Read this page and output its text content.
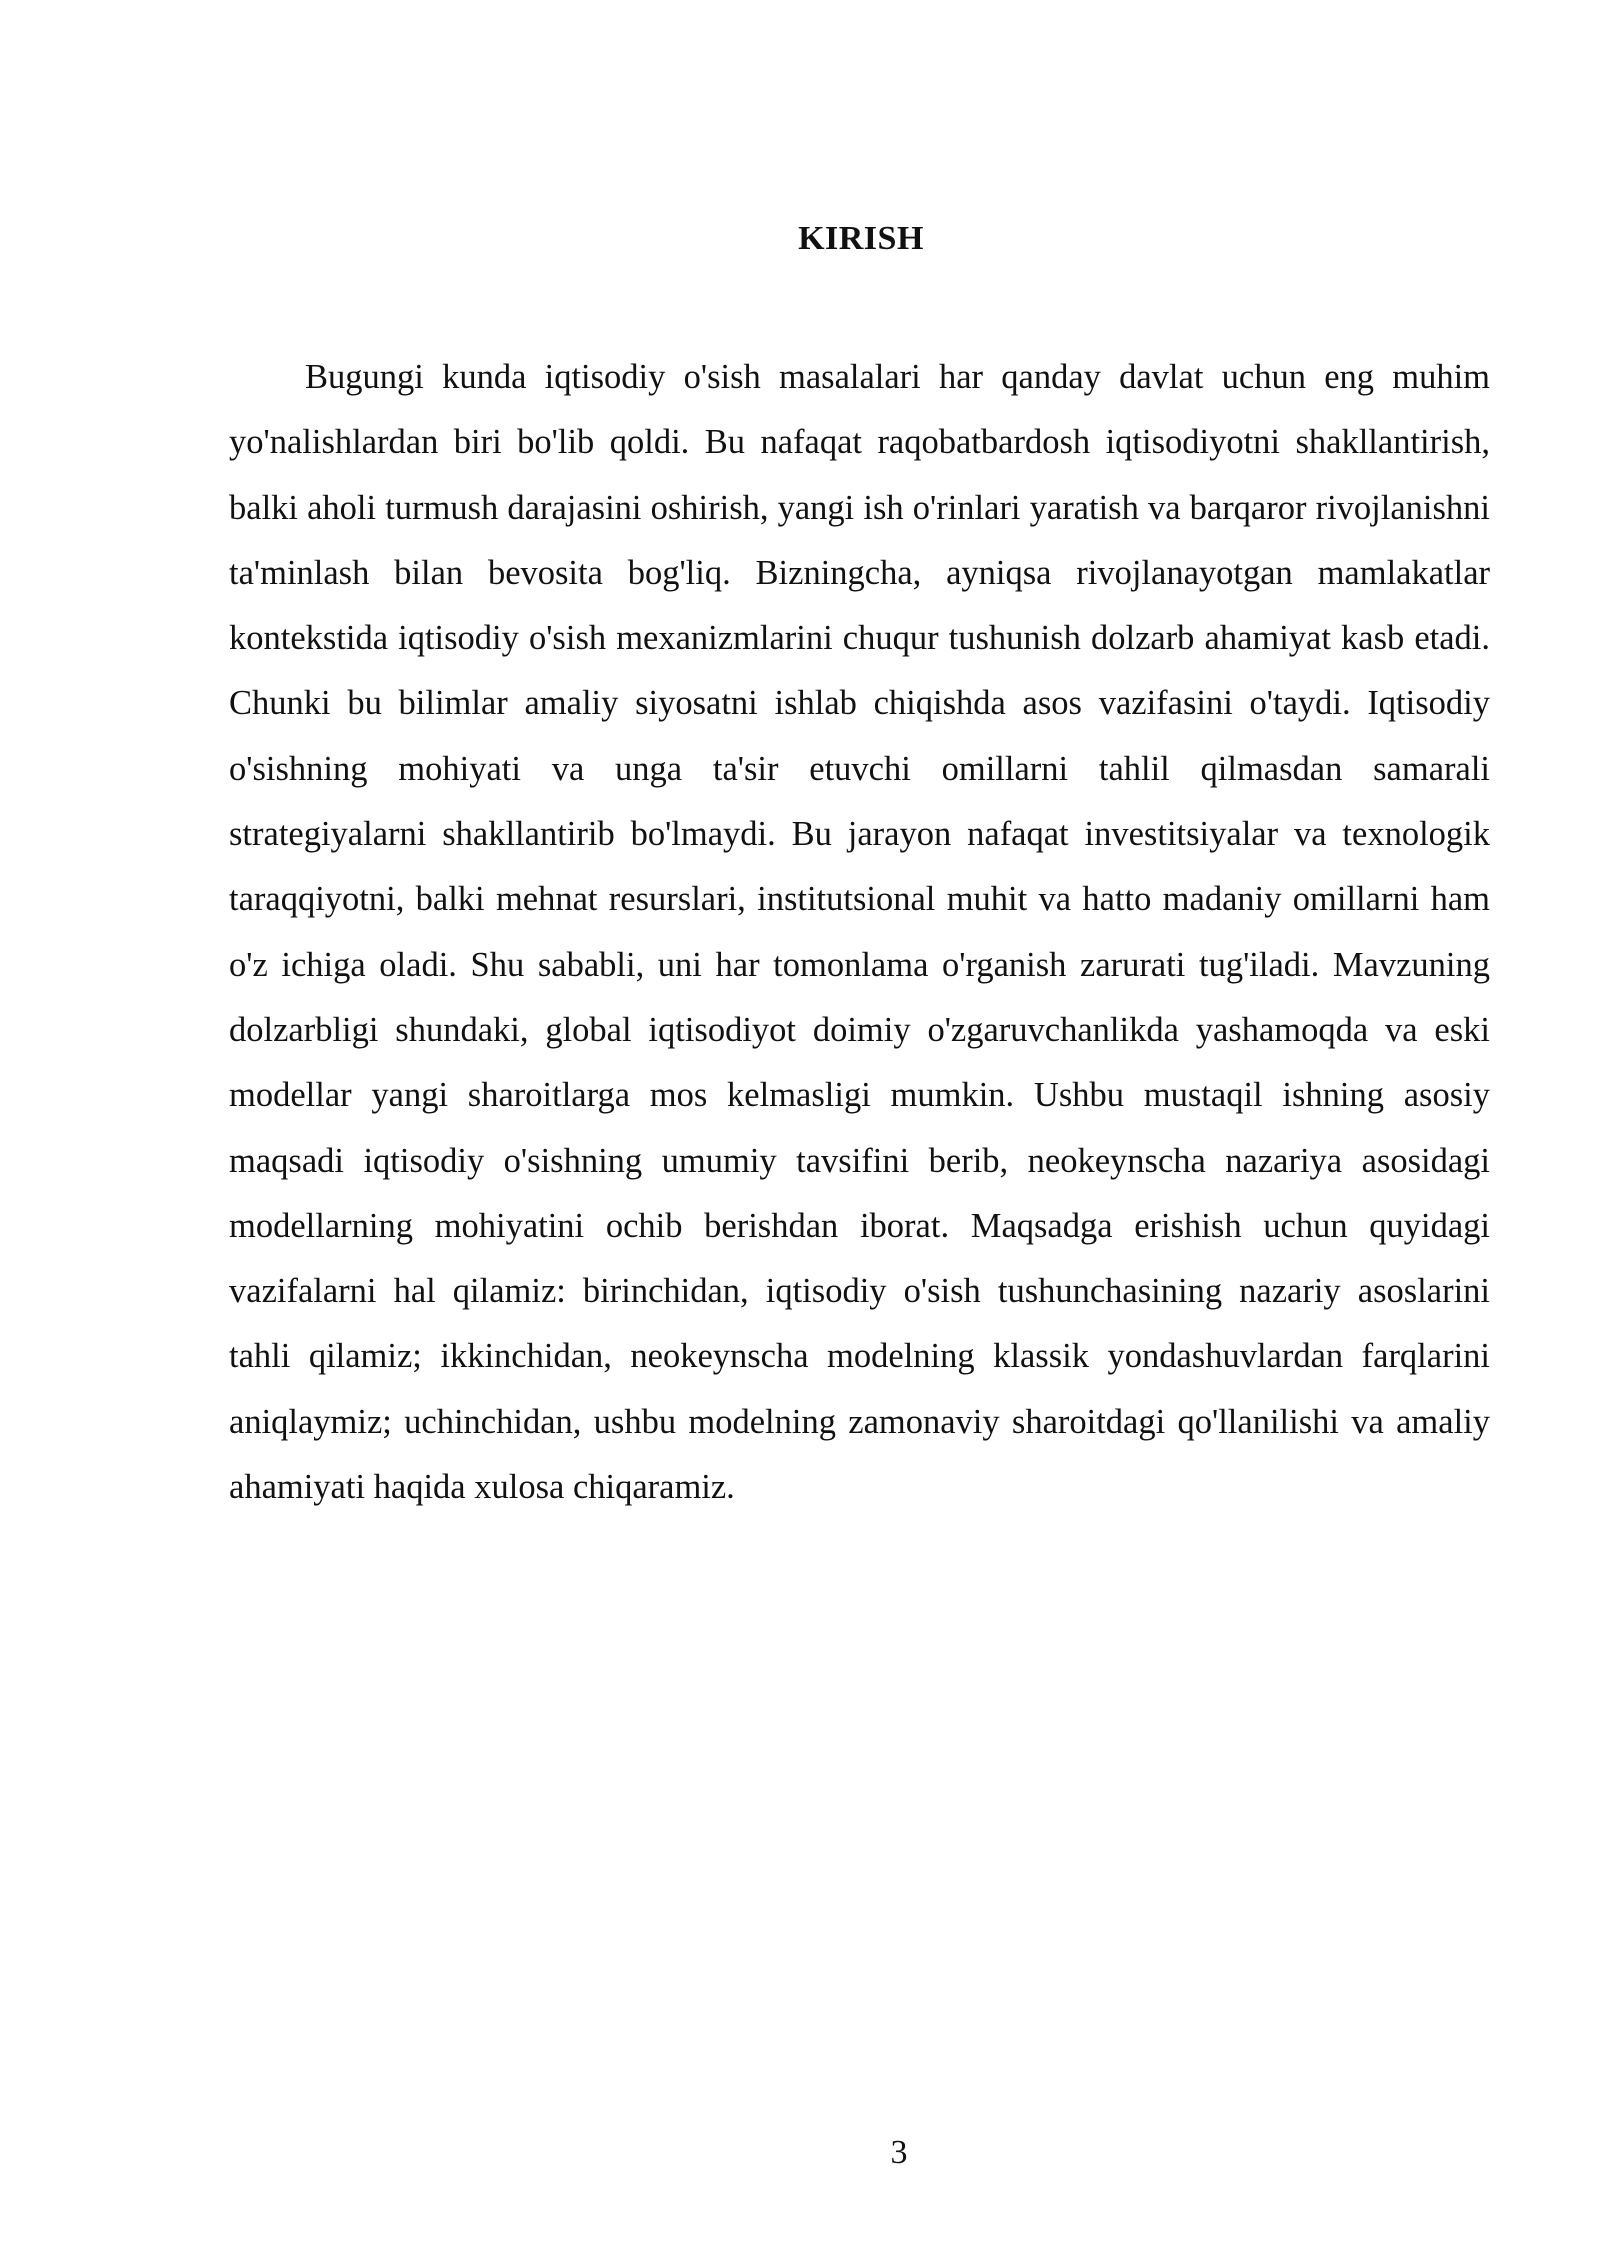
KIRISH

Bugungi kunda iqtisodiy o'sish masalalari har qanday davlat uchun eng muhim yo'nalishlardan biri bo'lib qoldi. Bu nafaqat raqobatbardosh iqtisodiyotni shakllantirish, balki aholi turmush darajasini oshirish, yangi ish o'rinlari yaratish va barqaror rivojlanishni ta'minlash bilan bevosita bog'liq. Bizningcha, ayniqsa rivojlanayotgan mamlakatlar kontekstida iqtisodiy o'sish mexanizmlarini chuqur tushunish dolzarb ahamiyat kasb etadi. Chunki bu bilimlar amaliy siyosatni ishlab chiqishda asos vazifasini o'taydi. Iqtisodiy o'sishning mohiyati va unga ta'sir etuvchi omillarni tahlil qilmasdan samarali strategiyalarni shakllantirib bo'lmaydi. Bu jarayon nafaqat investitsiyalar va texnologik taraqqiyotni, balki mehnat resurslari, institutsional muhit va hatto madaniy omillarni ham o'z ichiga oladi. Shu sababli, uni har tomonlama o'rganish zarurati tug'iladi. Mavzuning dolzarbligi shundaki, global iqtisodiyot doimiy o'zgaruvchanlikda yashamoqda va eski modellar yangi sharoitlarga mos kelmasligi mumkin. Ushbu mustaqil ishning asosiy maqsadi iqtisodiy o'sishning umumiy tavsifini berib, neokeynscha nazariya asosidagi modellarning mohiyatini ochib berishdan iborat. Maqsadga erishish uchun quyidagi vazifalarni hal qilamiz: birinchidan, iqtisodiy o'sish tushunchasining nazariy asoslarini tahli qilamiz; ikkinchidan, neokeynscha modelning klassik yondashuvlardan farqlarini aniqlaymiz; uchinchidan, ushbu modelning zamonaviy sharoitdagi qo'llanilishi va amaliy ahamiyati haqida xulosa chiqaramiz.

3
